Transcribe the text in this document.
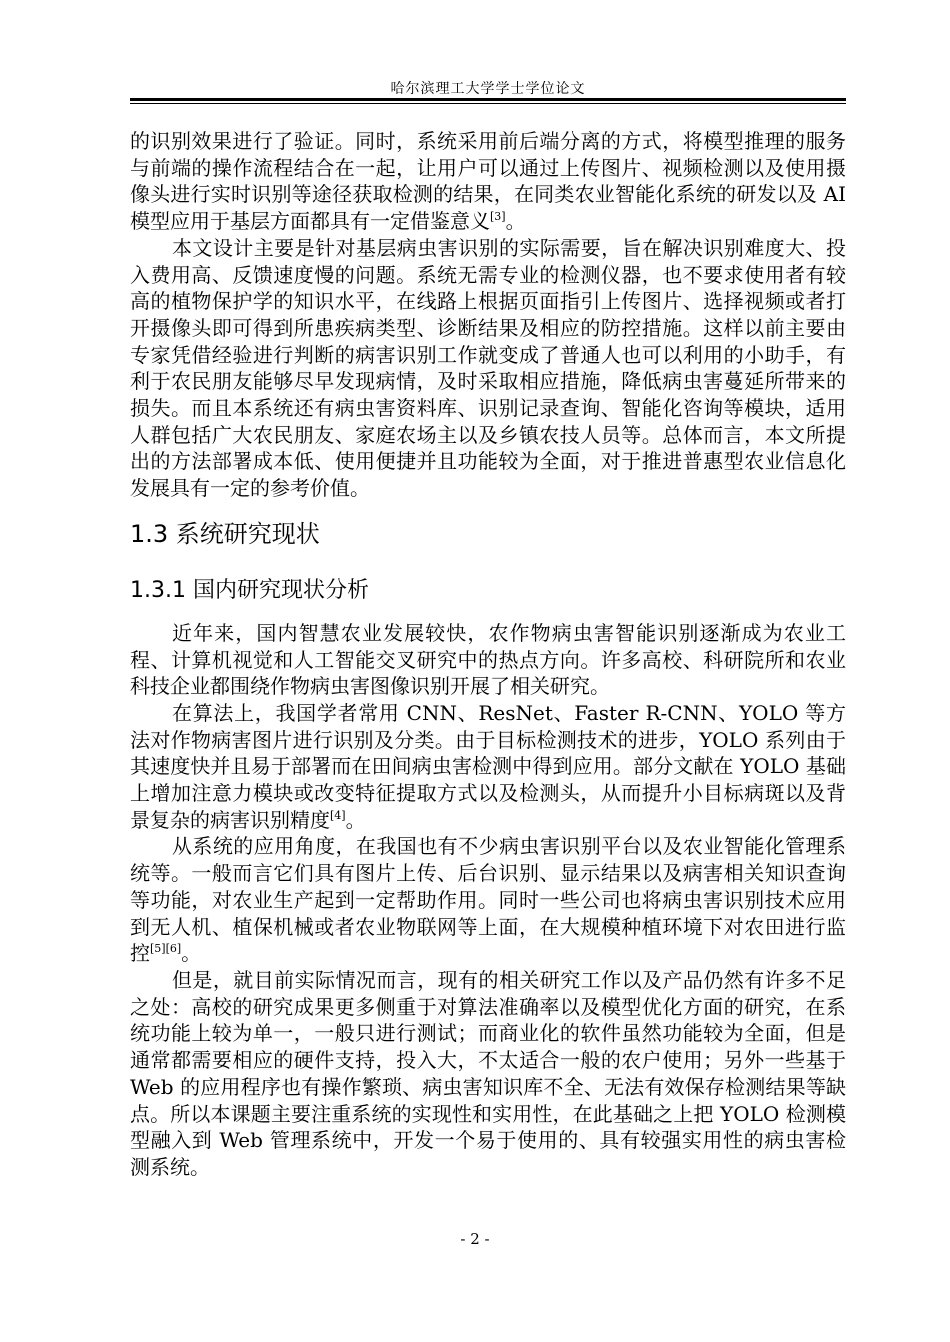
哈尔滨理工大学学士学位论文

的识别效果进行了验证。同时，系统采用前后端分离的方式，将模型推理的服务与前端的操作流程结合在一起，让用户可以通过上传图片、视频检测以及使用摄像头进行实时识别等途径获取检测的结果，在同类农业智能化系统的研发以及 AI 模型应用于基层方面都具有一定借鉴意义[3]。

本文设计主要是针对基层病虫害识别的实际需要，旨在解决识别难度大、投入费用高、反馈速度慢的问题。系统无需专业的检测仪器，也不要求使用者有较高的植物保护学的知识水平，在线路上根据页面指引上传图片、选择视频或者打开摄像头即可得到所患疾病类型、诊断结果及相应的防控措施。这样以前主要由专家凭借经验进行判断的病害识别工作就变成了普通人也可以利用的小助手，有利于农民朋友能够尽早发现病情，及时采取相应措施，降低病虫害蔓延所带来的损失。而且本系统还有病虫害资料库、识别记录查询、智能化咨询等模块，适用人群包括广大农民朋友、家庭农场主以及乡镇农技人员等。总体而言，本文所提出的方法部署成本低、使用便捷并且功能较为全面，对于推进普惠型农业信息化发展具有一定的参考价值。

1.3 系统研究现状
1.3.1 国内研究现状分析

近年来，国内智慧农业发展较快，农作物病虫害智能识别逐渐成为农业工程、计算机视觉和人工智能交叉研究中的热点方向。许多高校、科研院所和农业科技企业都围绕作物病虫害图像识别开展了相关研究。

在算法上，我国学者常用 CNN、ResNet、Faster R-CNN、YOLO 等方法对作物病害图片进行识别及分类。由于目标检测技术的进步，YOLO 系列由于其速度快并且易于部署而在田间病虫害检测中得到应用。部分文献在 YOLO 基础上增加注意力模块或改变特征提取方式以及检测头，从而提升小目标病斑以及背景复杂的病害识别精度[4]。

从系统的应用角度，在我国也有不少病虫害识别平台以及农业智能化管理系统等。一般而言它们具有图片上传、后台识别、显示结果以及病害相关知识查询等功能，对农业生产起到一定帮助作用。同时一些公司也将病虫害识别技术应用到无人机、植保机械或者农业物联网等上面，在大规模种植环境下对农田进行监控[5][6]。

但是，就目前实际情况而言，现有的相关研究工作以及产品仍然有许多不足之处：高校的研究成果更多侧重于对算法准确率以及模型优化方面的研究，在系统功能上较为单一，一般只进行测试；而商业化的软件虽然功能较为全面，但是通常都需要相应的硬件支持，投入大，不太适合一般的农户使用；另外一些基于 Web 的应用程序也有操作繁琐、病虫害知识库不全、无法有效保存检测结果等缺点。所以本课题主要注重系统的实现性和实用性，在此基础之上把 YOLO 检测模型融入到 Web 管理系统中，开发一个易于使用的、具有较强实用性的病虫害检测系统。

- 2 -
